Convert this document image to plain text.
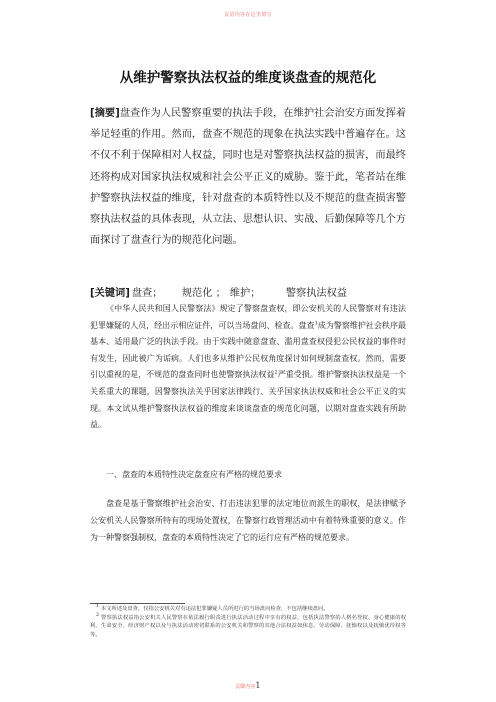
页眉内容在这里填写
从维护警察执法权益的维度谈盘查的规范化
[摘要]盘查作为人民警察重要的执法手段，在维护社会治安方面发挥着举足轻重的作用。然而，盘查不规范的现象在执法实践中普遍存在。这不仅不利于保障相对人权益，同时也是对警察执法权益的损害，而最终还将构成对国家执法权威和社会公平正义的威胁。鉴于此，笔者站在维护警察执法权益的维度，针对盘查的本质特性以及不规范的盘查损害警察执法权益的具体表现，从立法、思想认识、实战、后勤保障等几个方面探讨了盘查行为的规范化问题。
[关键词] 盘查； 规范化 ； 维护； 警察执法权益
《中华人民共和国人民警察法》规定了警察盘查权，即公安机关的人民警察对有违法犯罪嫌疑的人员，经出示相应证件，可以当场盘问、检查。盘查$^1$成为警察维护社会秩序最基本、适用最广泛的执法手段。由于实践中随意盘查、滥用盘查权侵犯公民权益的事件时有发生，因此被广为诟病。人们也多从维护公民权角度探讨如何规制盘查权。然而，需要引以重视的是，不规范的盘查同时也使警察执法权益$^2$严重受损。维护警察执法权益是一个关系重大的课题，因警察执法关乎国家法律践行、关乎国家执法权威和社会公平正义的实现。本文试从维护警察执法权益的维度来谈谈盘查的规范化问题，以期对盘查实践有所助益。
一、盘查的本质特性决定盘查应有严格的规范要求
盘查是基于警察维护社会治安、打击违法犯罪的法定地位而派生的职权，是法律赋予公安机关人民警察所特有的现场处置权，在警察行政管理活动中有着特殊重要的意义。作为一种警察强制权，盘查的本质特性决定了它的运行应有严格的规范要求。
$^1$ 本文所述及盘查，仅指公安机关对有违法犯罪嫌疑人员所进行的当场盘问检查，不包括继续盘问。
$^2$ 警察执法权益指公安机关人民警察在依法履行职责进行执法活动过程中享有的权益，包括执法警察的人格名誉权、身心健康的权利、生命安全、经济财产权以及与执法活动密切联系的公安机关和警察的其他合法权益如休息、劳动保障、抚恤权以及抚恤优待权等等。
页脚内容1
